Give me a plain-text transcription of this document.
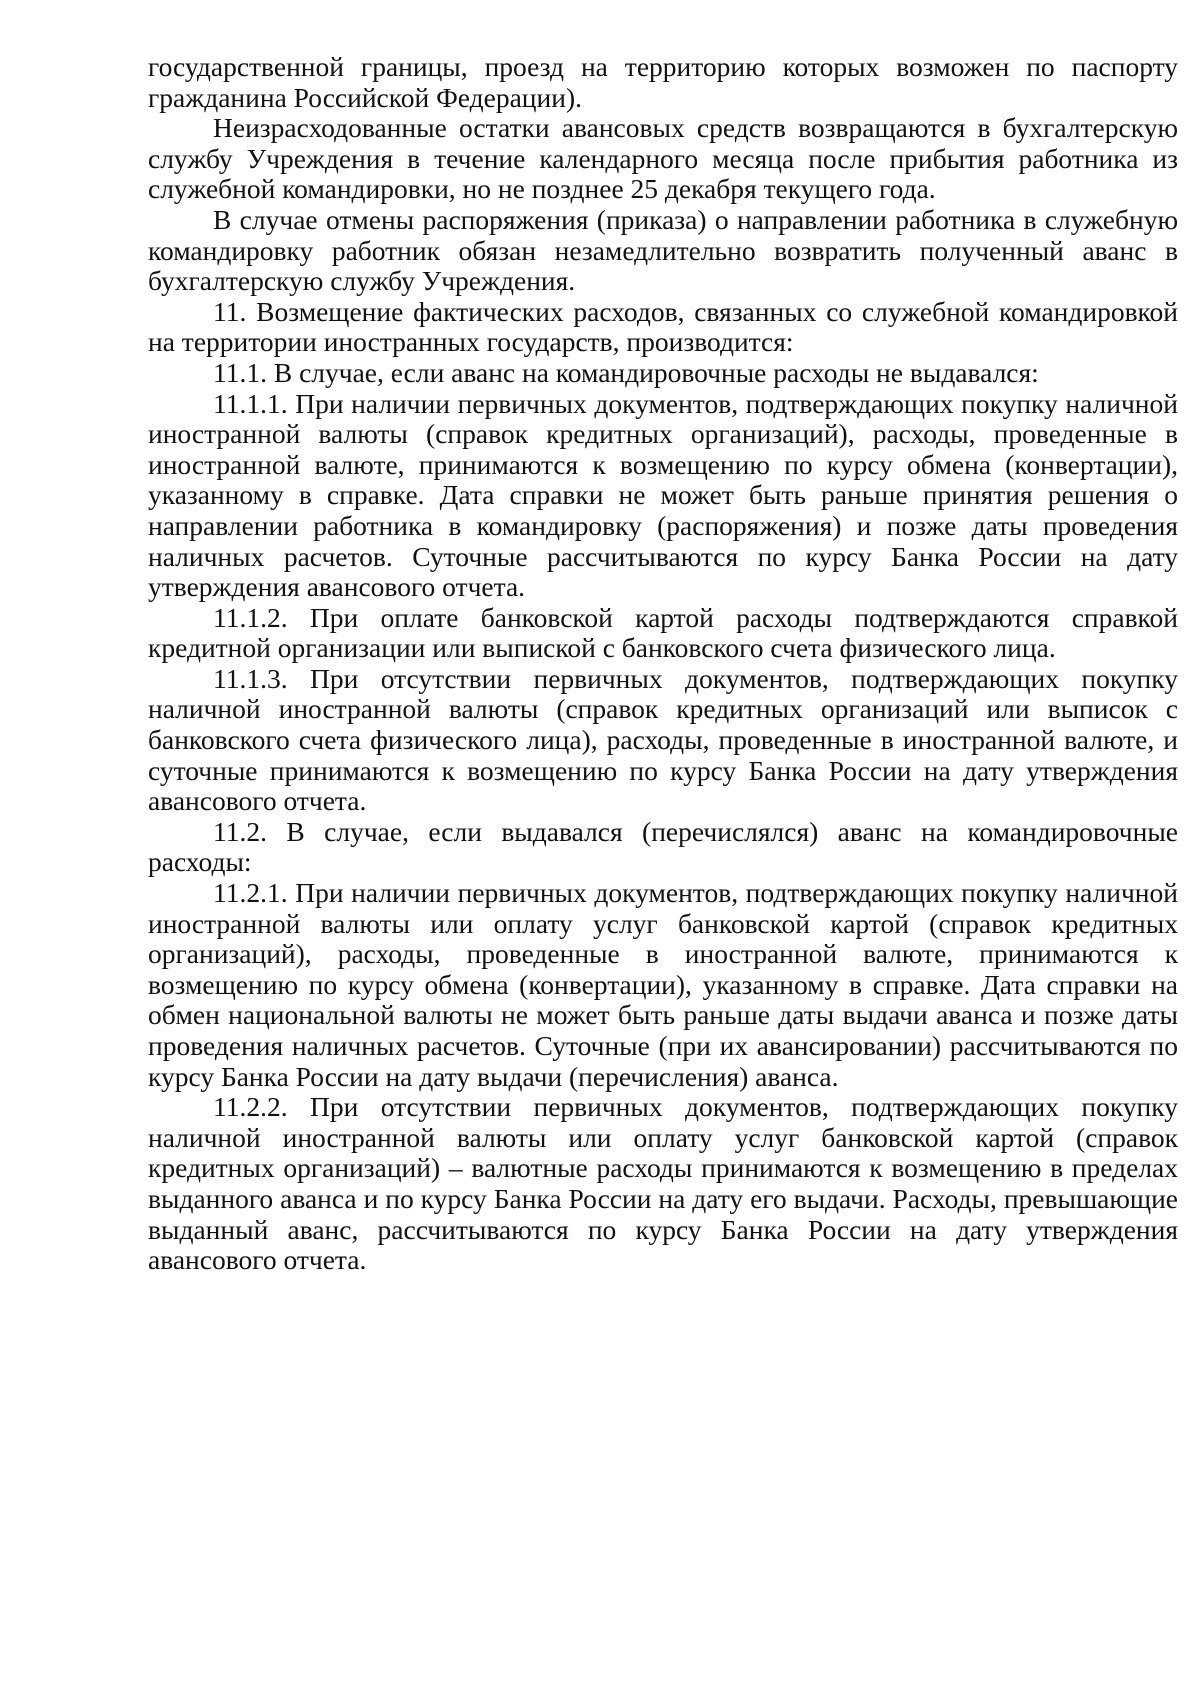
государственной границы, проезд на территорию которых возможен по паспорту гражданина Российской Федерации).

Неизрасходованные остатки авансовых средств возвращаются в бухгалтерскую службу Учреждения в течение календарного месяца после прибытия работника из служебной командировки, но не позднее 25 декабря текущего года.

В случае отмены распоряжения (приказа) о направлении работника в служебную командировку работник обязан незамедлительно возвратить полученный аванс в бухгалтерскую службу Учреждения.

11. Возмещение фактических расходов, связанных со служебной командировкой на территории иностранных государств, производится:

11.1. В случае, если аванс на командировочные расходы не выдавался:

11.1.1. При наличии первичных документов, подтверждающих покупку наличной иностранной валюты (справок кредитных организаций), расходы, проведенные в иностранной валюте, принимаются к возмещению по курсу обмена (конвертации), указанному в справке. Дата справки не может быть раньше принятия решения о направлении работника в командировку (распоряжения) и позже даты проведения наличных расчетов. Суточные рассчитываются по курсу Банка России на дату утверждения авансового отчета.

11.1.2. При оплате банковской картой расходы подтверждаются справкой кредитной организации или выпиской с банковского счета физического лица.

11.1.3. При отсутствии первичных документов, подтверждающих покупку наличной иностранной валюты (справок кредитных организаций или выписок с банковского счета физического лица), расходы, проведенные в иностранной валюте, и суточные принимаются к возмещению по курсу Банка России на дату утверждения авансового отчета.

11.2. В случае, если выдавался (перечислялся) аванс на командировочные расходы:

11.2.1. При наличии первичных документов, подтверждающих покупку наличной иностранной валюты или оплату услуг банковской картой (справок кредитных организаций), расходы, проведенные в иностранной валюте, принимаются к возмещению по курсу обмена (конвертации), указанному в справке. Дата справки на обмен национальной валюты не может быть раньше даты выдачи аванса и позже даты проведения наличных расчетов. Суточные (при их авансировании) рассчитываются по курсу Банка России на дату выдачи (перечисления) аванса.

11.2.2. При отсутствии первичных документов, подтверждающих покупку наличной иностранной валюты или оплату услуг банковской картой (справок кредитных организаций) – валютные расходы принимаются к возмещению в пределах выданного аванса и по курсу Банка России на дату его выдачи. Расходы, превышающие выданный аванс, рассчитываются по курсу Банка России на дату утверждения авансового отчета.
